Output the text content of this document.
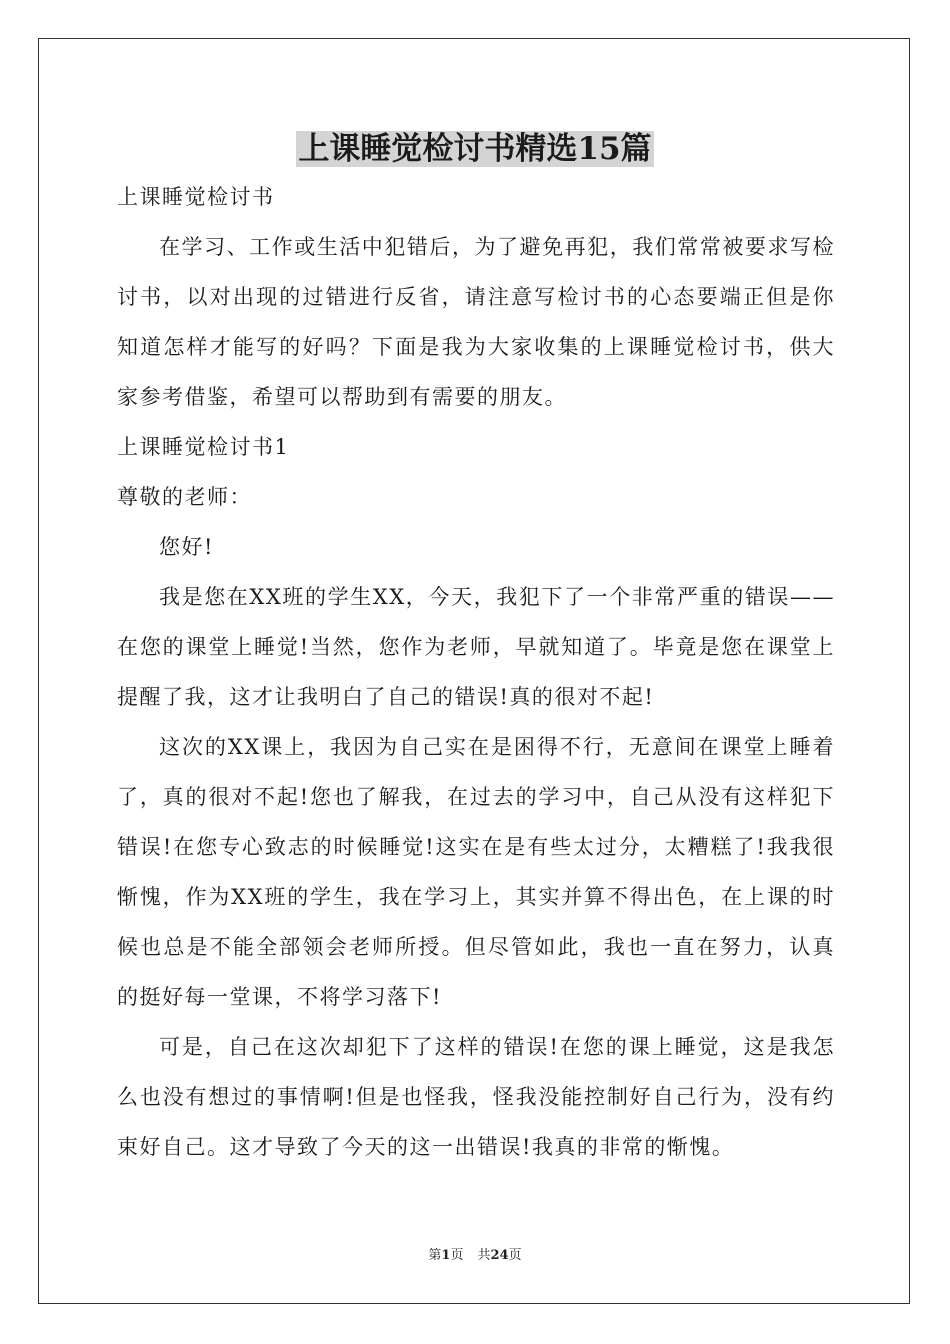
上课睡觉检讨书精选15篇

上课睡觉检讨书

在学习、工作或生活中犯错后，为了避免再犯，我们常常被要求写检讨书，以对出现的过错进行反省，请注意写检讨书的心态要端正但是你知道怎样才能写的好吗？下面是我为大家收集的上课睡觉检讨书，供大家参考借鉴，希望可以帮助到有需要的朋友。

上课睡觉检讨书1

尊敬的老师：

您好!

我是您在XX班的学生XX，今天，我犯下了一个非常严重的错误——在您的课堂上睡觉!当然，您作为老师，早就知道了。毕竟是您在课堂上提醒了我，这才让我明白了自己的错误!真的很对不起!

这次的XX课上，我因为自己实在是困得不行，无意间在课堂上睡着了，真的很对不起!您也了解我，在过去的学习中，自己从没有这样犯下错误!在您专心致志的时候睡觉!这实在是有些太过分，太糟糕了!我我很惭愧，作为XX班的学生，我在学习上，其实并算不得出色，在上课的时候也总是不能全部领会老师所授。但尽管如此，我也一直在努力，认真的挺好每一堂课，不将学习落下!

可是，自己在这次却犯下了这样的错误!在您的课上睡觉，这是我怎么也没有想过的事情啊!但是也怪我，怪我没能控制好自己行为，没有约束好自己。这才导致了今天的这一出错误!我真的非常的惭愧。

第1页 共24页
